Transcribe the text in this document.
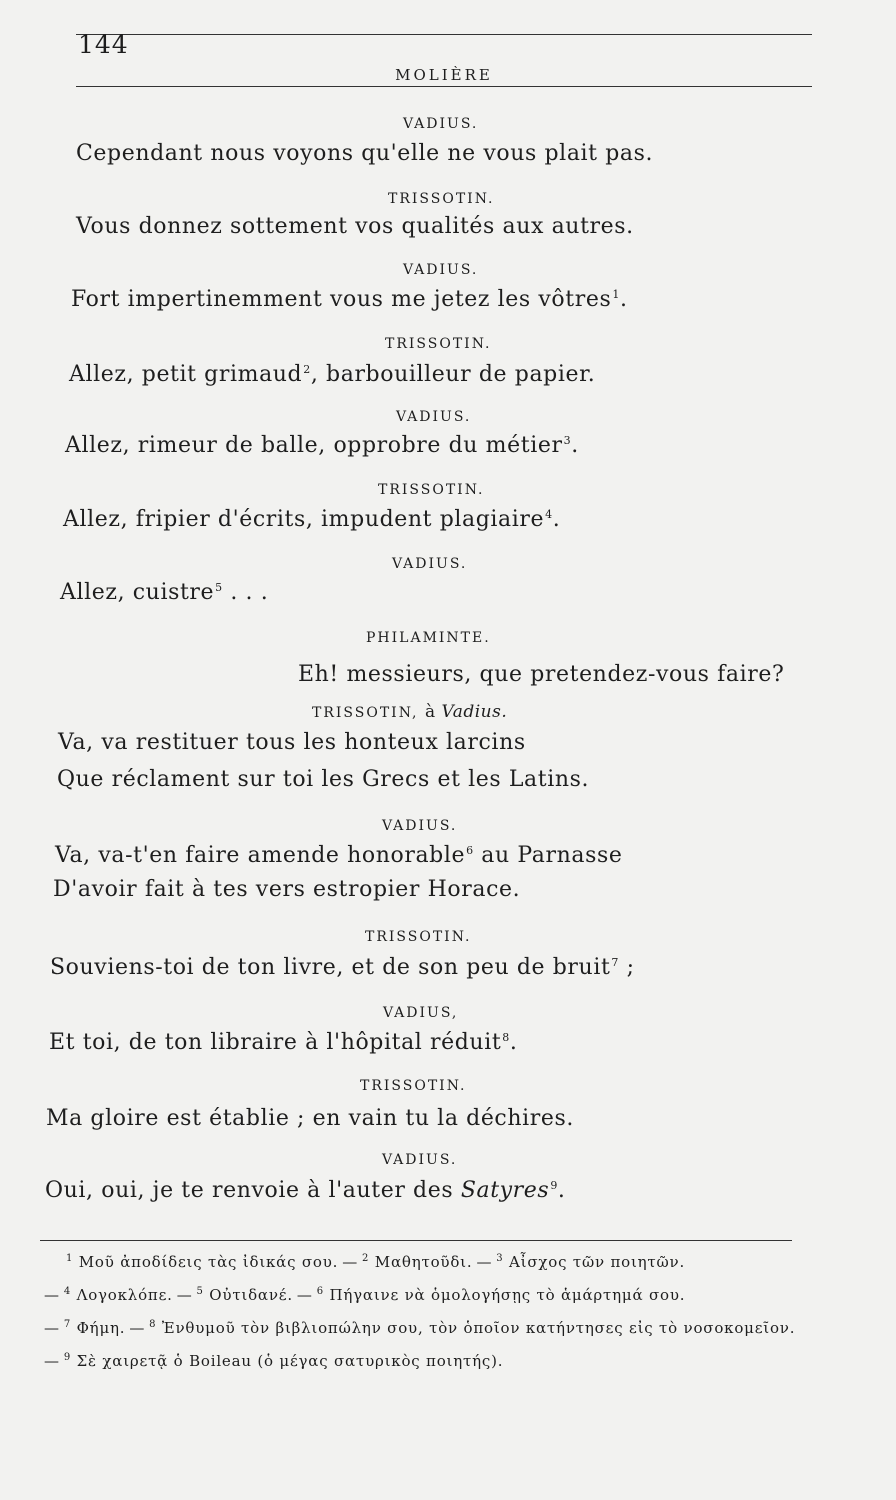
144
MOLIÈRE
VADIUS.
Cependant nous voyons qu'elle ne vous plait pas.
TRISSOTIN.
Vous donnez sottement vos qualités aux autres.
VADIUS.
Fort impertinemment vous me jetez les vôtres$^1$.
TRISSOTIN.
Allez, petit grimaud$^2$, barbouilleur de papier.
VADIUS.
Allez, rimeur de balle, opprobre du métier$^3$.
TRISSOTIN.
Allez, fripier d'écrits, impudent plagiaire$^4$.
VADIUS.
Allez, cuistre$^5$ . . .
PHILAMINTE.
Eh! messieurs, que pretendez-vous faire?
TRISSOTIN, à Vadius.
Va, va restituer tous les honteux larcins
Que réclament sur toi les Grecs et les Latins.
VADIUS.
Va, va-t'en faire amende honorable$^6$ au Parnasse
D'avoir fait à tes vers estropier Horace.
TRISSOTIN.
Souviens-toi de ton livre, et de son peu de bruit$^7$ ;
VADIUS,
Et toi, de ton libraire à l'hôpital réduit$^8$.
TRISSOTIN.
Ma gloire est établie ; en vain tu la déchires.
VADIUS.
Oui, oui, je te renvoie à l'auter des Satyres$^9$.
$^1$ Μοῦ ἀποδίδεις τὰς ἰδικάς σου. — $^2$ Μαθητοῦδι. — $^3$ Αἶσχος τῶν ποιητῶν.
— $^4$ Λογοκλόπε. — $^5$ Οὐτιδανέ. — $^6$ Πήγαινε νὰ ὁμολογήσῃς τὸ ἁμάρτημά σου.
— $^7$ Φήμη. — $^8$ Ἐνθυμοῦ τὸν βιβλιοπώλην σου, τὸν ὁποῖον κατήντησες εἰς τὸ νοσοκομεῖον.
— $^9$ Σὲ χαιρετᾷ ὁ Boileau (ὁ μέγας σατυρικὸς ποιητής).
